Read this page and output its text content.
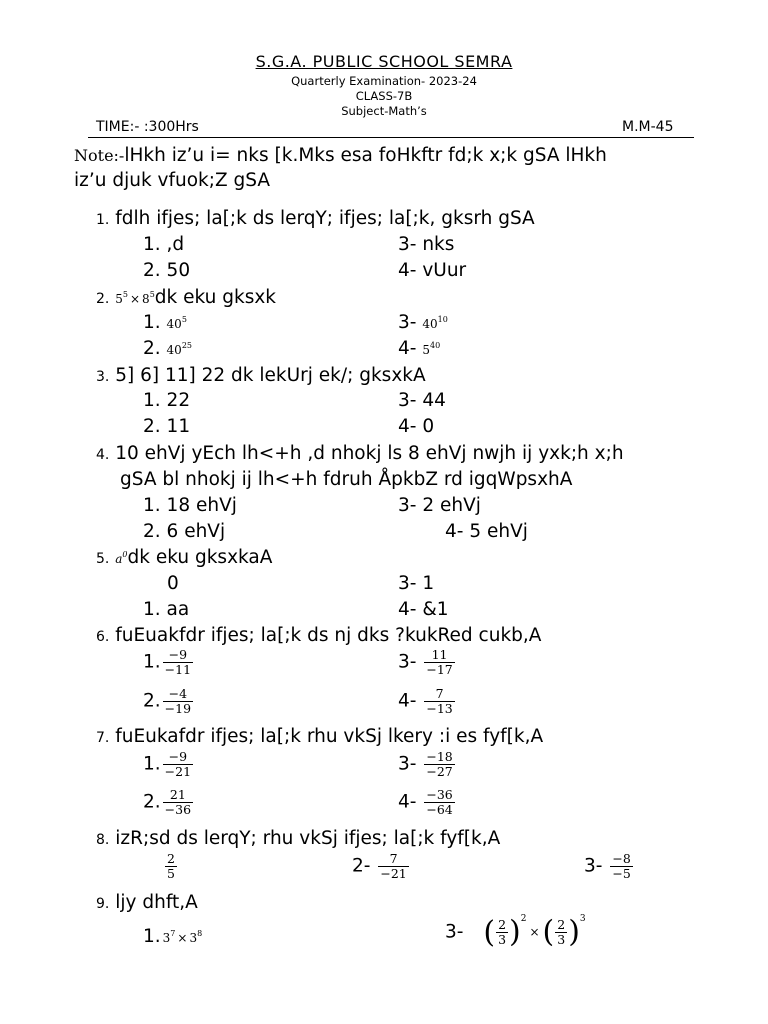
S.G.A. PUBLIC SCHOOL SEMRA
Quarterly Examination- 2023-24
CLASS-7B
Subject-Math’s
TIME:- :300Hrs	M.M-45
Note:-lHkh iz’u i= nks [k.Mks esa foHkftr fd;k x;k gSA lHkh
iz’u djuk vfuok;Z gSA
1. fdlh ifjes; la[;k ds lerqY; ifjes; la[;k, gksrh gSA
1. ,d
2. 50
3- nks
4- vUur
2. $5^5 \times 8^5dk$ eku gksxk
1. $40^5$
2. $40^{25}$
3- $40^{10}$
4- $5^{40}$
3. 5] 6] 11] 22 dk lekUrj ek/; gksxkA
1. 22
2. 11
3- 44
4- 0
4. 10 ehVj yEch lh<+h ,d nhokj ls 8 ehVj nwjh ij yxk;h x;h
gSA bl nhokj ij lh<+h fdruh ÅpkbZ rd igqWpsxhA
1. 18 ehVj
2. 6 ehVj
3- 2 ehVj
4- 5 ehVj
5. $a^0dk$ eku gksxkaA
0
1. aa
3- 1
4- &1
6. fuEuakfdr ifjes; la[;k ds nj dks ?kukRed cukb,A
1. $\frac{-9}{-11}$
2. $\frac{-4}{-19}$
$3- \frac{11}{-17}$
$4- \frac{7}{-13}$
7. fuEukafdr ifjes; la[;k rhu vkSj lkery :i es fyf[k,A
1. $\frac{-9}{-21}$
2. $\frac{21}{-36}$
$3- \frac{-18}{-27}$
$4- \frac{-36}{-64}$
8. izR;sd ds lerqY; rhu vkSj ifjes; la[;k fyf[k,A
$\frac{2}{5}$	$2- \frac{7}{-21}$	$3- \frac{-8}{-5}$
9. ljy dhft,A
1. $3^7 \times 3^8$	3- ( $\frac{2}{3} )^2\times$ ( $\frac{2}{3} )^3$
